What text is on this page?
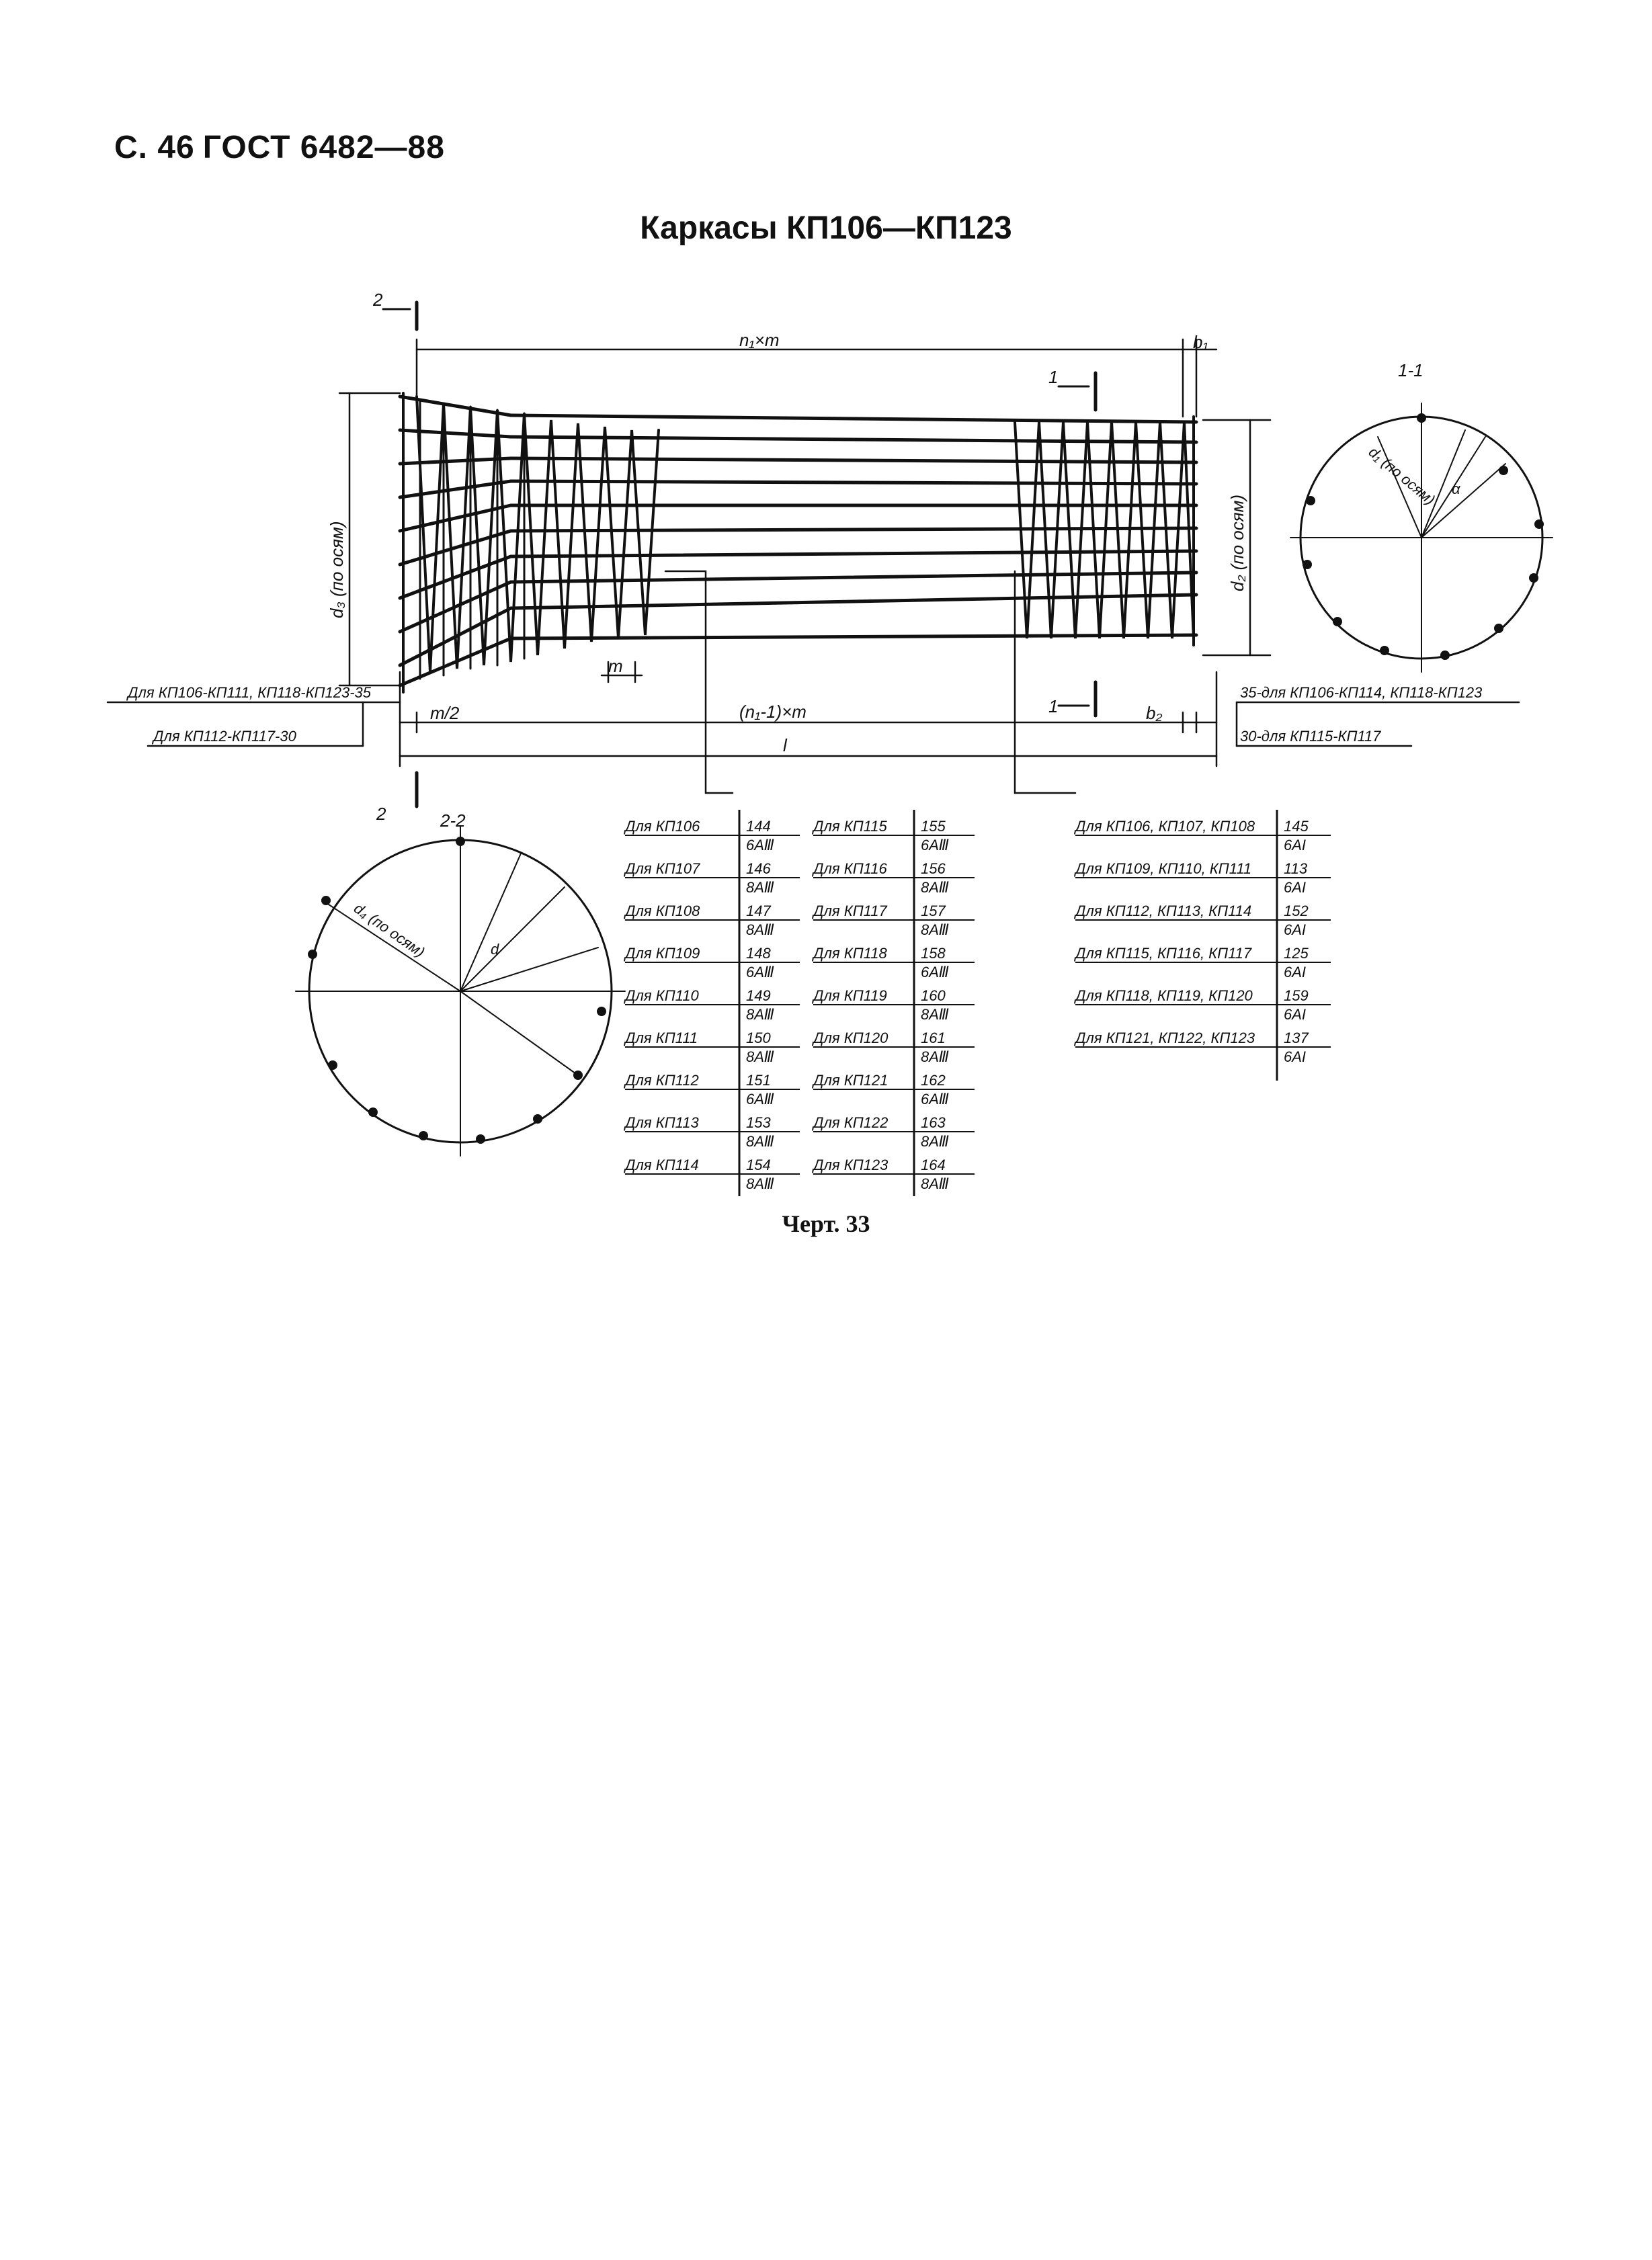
С. 46 ГОСТ 6482—88
Каркасы КП106—КП123
n₁×m	b₁
b₂
m/2	(n₁-1)×m
m
l
d₃ (по осям)	d₂ (по осям)
d₁ (по осям)
d₄ (по осям)
α
d
1-1
2-2
2
2
1
1
Для КП106-КП111, КП118-КП123-35
Для КП112-КП117-30
35-для КП106-КП114, КП118-КП123
30-для КП115-КП117
Для КП106	144
6AⅢ
Для КП107	146
8AⅢ
Для КП108	147
8AⅢ
Для КП109	148
6AⅢ
Для КП110	149
8AⅢ
Для КП111	150
8AⅢ
Для КП112	151
6AⅢ
Для КП113	153
8AⅢ
Для КП114	154
8AⅢ
Для КП115 155
6AⅢ
Для КП116 156
8AⅢ
Для КП117 157
8AⅢ
Для КП118 158
6AⅢ
Для КП119 160
8AⅢ
Для КП120 161
8AⅢ
Для КП121 162
6AⅢ
Для КП122 163
8AⅢ
Для КП123 164
8AⅢ
Для КП106, КП107, КП108 145
6AI
Для КП109, КП110, КП111 113
6AI
Для КП112, КП113, КП114 152
6AI
Для КП115, КП116, КП117 125
6AI
Для КП118, КП119, КП120 159
6AI
Для КП121, КП122, КП123 137
6AI
Черт. 33
